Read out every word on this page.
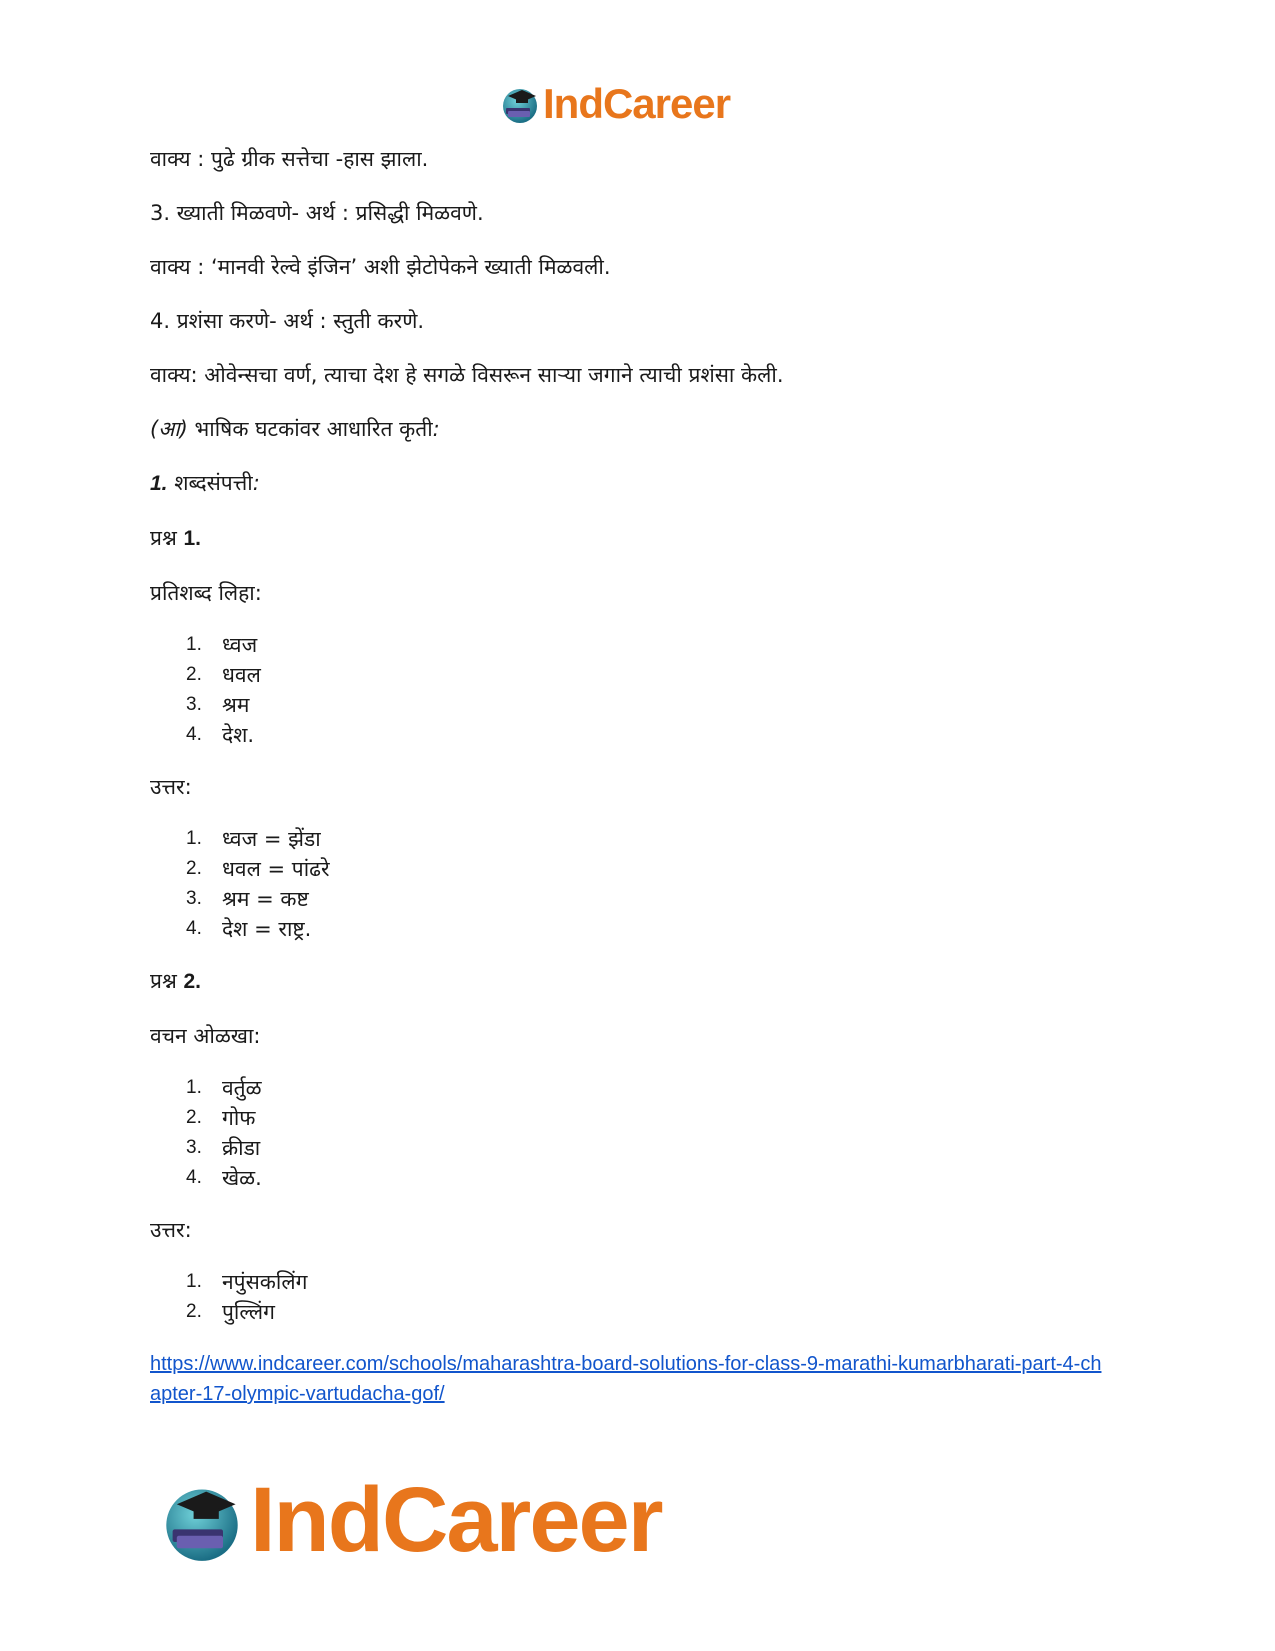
IndCareer
वाक्य : पुढे ग्रीक सत्तेचा -हास झाला.
3. ख्याती मिळवणे- अर्थ : प्रसिद्धी मिळवणे.
वाक्य : ‘मानवी रेल्वे इंजिन’ अशी झेटोपेकने ख्याती मिळवली.
4. प्रशंसा करणे- अर्थ : स्तुती करणे.
वाक्य: ओवेन्सचा वर्ण, त्याचा देश हे सगळे विसरून साऱ्या जगाने त्याची प्रशंसा केली.
(आ) भाषिक घटकांवर आधारित कृती:
1. शब्दसंपत्ती:
प्रश्न 1.
प्रतिशब्द लिहा:
1. ध्वज
2. धवल
3. श्रम
4. देश.
उत्तर:
1. ध्वज = झेंडा
2. धवल = पांढरे
3. श्रम = कष्ट
4. देश = राष्ट्र.
प्रश्न 2.
वचन ओळखा:
1. वर्तुळ
2. गोफ
3. क्रीडा
4. खेळ.
उत्तर:
1. नपुंसकलिंग
2. पुल्लिंग
https://www.indcareer.com/schools/maharashtra-board-solutions-for-class-9-marathi-kumarbharati-part-4-chapter-17-olympic-vartudacha-gof/
IndCareer
